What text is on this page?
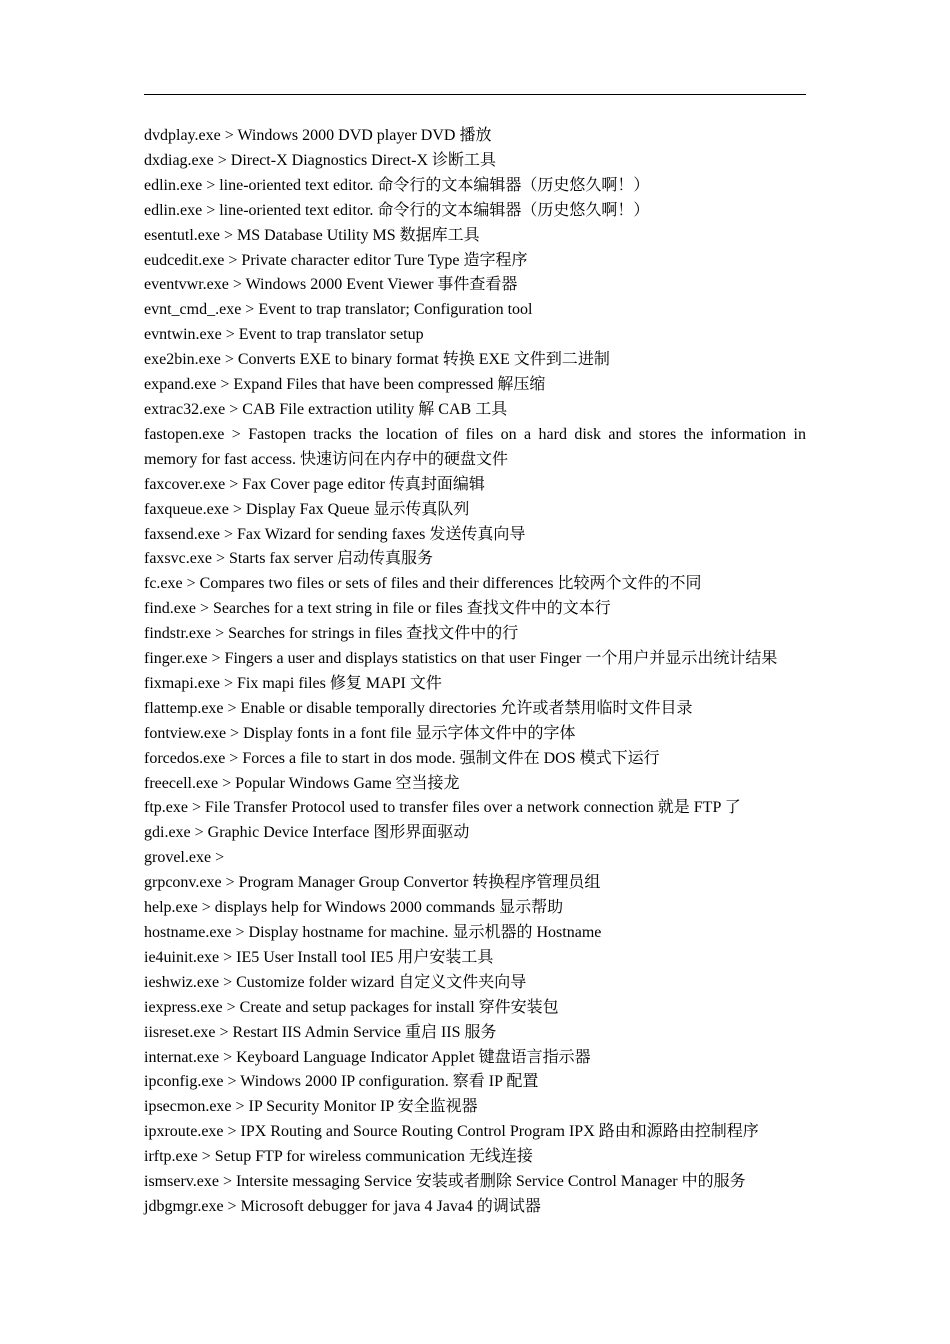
dvdplay.exe > Windows 2000 DVD player DVD 播放
dxdiag.exe > Direct-X Diagnostics Direct-X 诊断工具
edlin.exe > line-oriented text editor. 命令行的文本编辑器（历史悠久啊！）
edlin.exe > line-oriented text editor. 命令行的文本编辑器（历史悠久啊！）
esentutl.exe > MS Database Utility MS 数据库工具
eudcedit.exe > Private character editor Ture Type 造字程序
eventvwr.exe > Windows 2000 Event Viewer 事件查看器
evnt_cmd_.exe > Event to trap translator; Configuration tool
evntwin.exe > Event to trap translator setup
exe2bin.exe > Converts EXE to binary format 转换 EXE 文件到二进制
expand.exe > Expand Files that have been compressed 解压缩
extrac32.exe > CAB File extraction utility 解 CAB 工具
fastopen.exe > Fastopen tracks the location of files on a hard disk and stores the information in memory for fast access. 快速访问在内存中的硬盘文件
faxcover.exe > Fax Cover page editor 传真封面编辑
faxqueue.exe > Display Fax Queue 显示传真队列
faxsend.exe > Fax Wizard for sending faxes 发送传真向导
faxsvc.exe > Starts fax server 启动传真服务
fc.exe > Compares two files or sets of files and their differences 比较两个文件的不同
find.exe > Searches for a text string in file or files 查找文件中的文本行
findstr.exe > Searches for strings in files 查找文件中的行
finger.exe > Fingers a user and displays statistics on that user Finger 一个用户并显示出统计结果
fixmapi.exe > Fix mapi files 修复 MAPI 文件
flattemp.exe > Enable or disable temporally directories 允许或者禁用临时文件目录
fontview.exe > Display fonts in a font file 显示字体文件中的字体
forcedos.exe > Forces a file to start in dos mode. 强制文件在 DOS 模式下运行
freecell.exe > Popular Windows Game 空当接龙
ftp.exe > File Transfer Protocol used to transfer files over a network connection 就是 FTP 了
gdi.exe > Graphic Device Interface 图形界面驱动
grovel.exe >
grpconv.exe > Program Manager Group Convertor 转换程序管理员组
help.exe > displays help for Windows 2000 commands 显示帮助
hostname.exe > Display hostname for machine. 显示机器的 Hostname
ie4uinit.exe > IE5 User Install tool IE5 用户安装工具
ieshwiz.exe > Customize folder wizard 自定义文件夹向导
iexpress.exe > Create and setup packages for install 穿件安装包
iisreset.exe > Restart IIS Admin Service 重启 IIS 服务
internat.exe > Keyboard Language Indicator Applet 键盘语言指示器
ipconfig.exe > Windows 2000 IP configuration. 察看 IP 配置
ipsecmon.exe > IP Security Monitor IP 安全监视器
ipxroute.exe > IPX Routing and Source Routing Control Program IPX 路由和源路由控制程序
irftp.exe > Setup FTP for wireless communication 无线连接
ismserv.exe > Intersite messaging Service 安装或者删除 Service Control Manager 中的服务
jdbgmgr.exe > Microsoft debugger for java 4 Java4 的调试器
